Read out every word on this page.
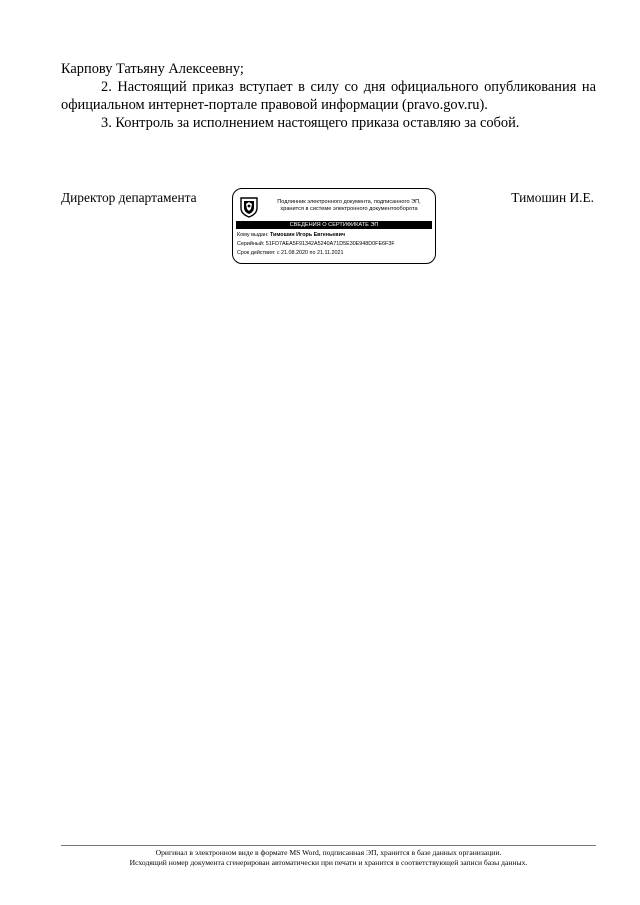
Карпову Татьяну Алексеевну;

2. Настоящий приказ вступает в силу со дня официального опубликования на официальном интернет-портале правовой информации (pravo.gov.ru).

3. Контроль за исполнением настоящего приказа оставляю за собой.

Директор департамента	Подлинник электронного документа, подписанного ЭП,
хранится в системе электронного документооборота
СВЕДЕНИЯ О СЕРТИФИКАТЕ ЭП
Кому выдан: Тимошин Игорь Евгеньевич
Серийный: 51FD7AEA5F91342A5240A71D5E30E948D0FE6F3F
Срок действия: с 21.08.2020 по 21.11.2021
Тимошин И.Е.
Оригинал в электронном виде в формате MS Word, подписанная ЭП, хранится в базе данных организации.
Исходящий номер документа сгенерирован автоматически при печати и хранится в соответствующей записи базы данных.
